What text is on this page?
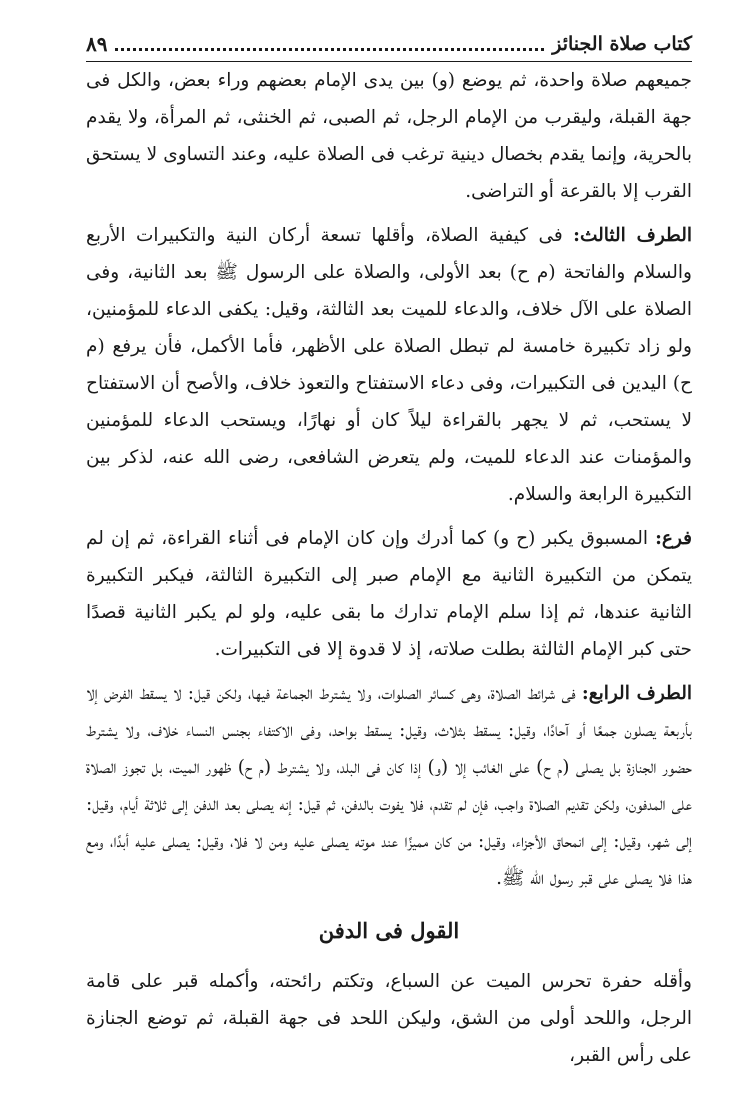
كتاب صلاة الجنائز
٨٩

جميعهم صلاة واحدة، ثم يوضع (و) بين يدى الإمام بعضهم وراء بعض، والكل فى جهة القبلة، وليقرب من الإمام الرجل، ثم الصبى، ثم الخنثى، ثم المرأة، ولا يقدم بالحرية، وإنما يقدم بخصال دينية ترغب فى الصلاة عليه، وعند التساوى لا يستحق القرب إلا بالقرعة أو التراضى.

الطرف الثالث: فى كيفية الصلاة، وأقلها تسعة أركان النية والتكبيرات الأربع والسلام والفاتحة (م ح) بعد الأولى، والصلاة على الرسول ﷺ بعد الثانية، وفى الصلاة على الآل خلاف، والدعاء للميت بعد الثالثة، وقيل: يكفى الدعاء للمؤمنين، ولو زاد تكبيرة خامسة لم تبطل الصلاة على الأظهر، فأما الأكمل، فأن يرفع (م ح) اليدين فى التكبيرات، وفى دعاء الاستفتاح والتعوذ خلاف، والأصح أن الاستفتاح لا يستحب، ثم لا يجهر بالقراءة ليلاً كان أو نهارًا، ويستحب الدعاء للمؤمنين والمؤمنات عند الدعاء للميت، ولم يتعرض الشافعى، رضى الله عنه، لذكر بين التكبيرة الرابعة والسلام.

فرع: المسبوق يكبر (ح و) كما أدرك وإن كان الإمام فى أثناء القراءة، ثم إن لم يتمكن من التكبيرة الثانية مع الإمام صبر إلى التكبيرة الثالثة، فيكبر التكبيرة الثانية عندها، ثم إذا سلم الإمام تدارك ما بقى عليه، ولو لم يكبر الثانية قصدًا حتى كبر الإمام الثالثة بطلت صلاته، إذ لا قدوة إلا فى التكبيرات.

الطرف الرابع: فى شرائط الصلاة، وهى كسائر الصلوات، ولا يشترط الجماعة فيها، ولكن قيل: لا يسقط الفرض إلا بأربعة يصلون جمعًا أو آحادًا، وقيل: يسقط بثلاث، وقيل: يسقط بواحد، وفى الاكتفاء بجنس النساء خلاف، ولا يشترط حضور الجنازة بل يصلى (م ح) على الغائب إلا (و) إذا كان فى البلد، ولا يشترط (م ح) ظهور الميت، بل تجوز الصلاة على المدفون، ولكن تقديم الصلاة واجب، فإن لم تقدم، فلا يفوت بالدفن، ثم قيل: إنه يصلى بعد الدفن إلى ثلاثة أيام، وقيل: إلى شهر، وقيل: إلى انمحاق الأجزاء، وقيل: من كان مميزًا عند موته يصلى عليه ومن لا فلا، وقيل: يصلى عليه أبدًا، ومع هذا فلا يصلى على قبر رسول الله ﷺ.

القول فى الدفن

وأقله حفرة تحرس الميت عن السباع، وتكتم رائحته، وأكمله قبر على قامة الرجل، واللحد أولى من الشق، وليكن اللحد فى جهة القبلة، ثم توضع الجنازة على رأس القبر،
